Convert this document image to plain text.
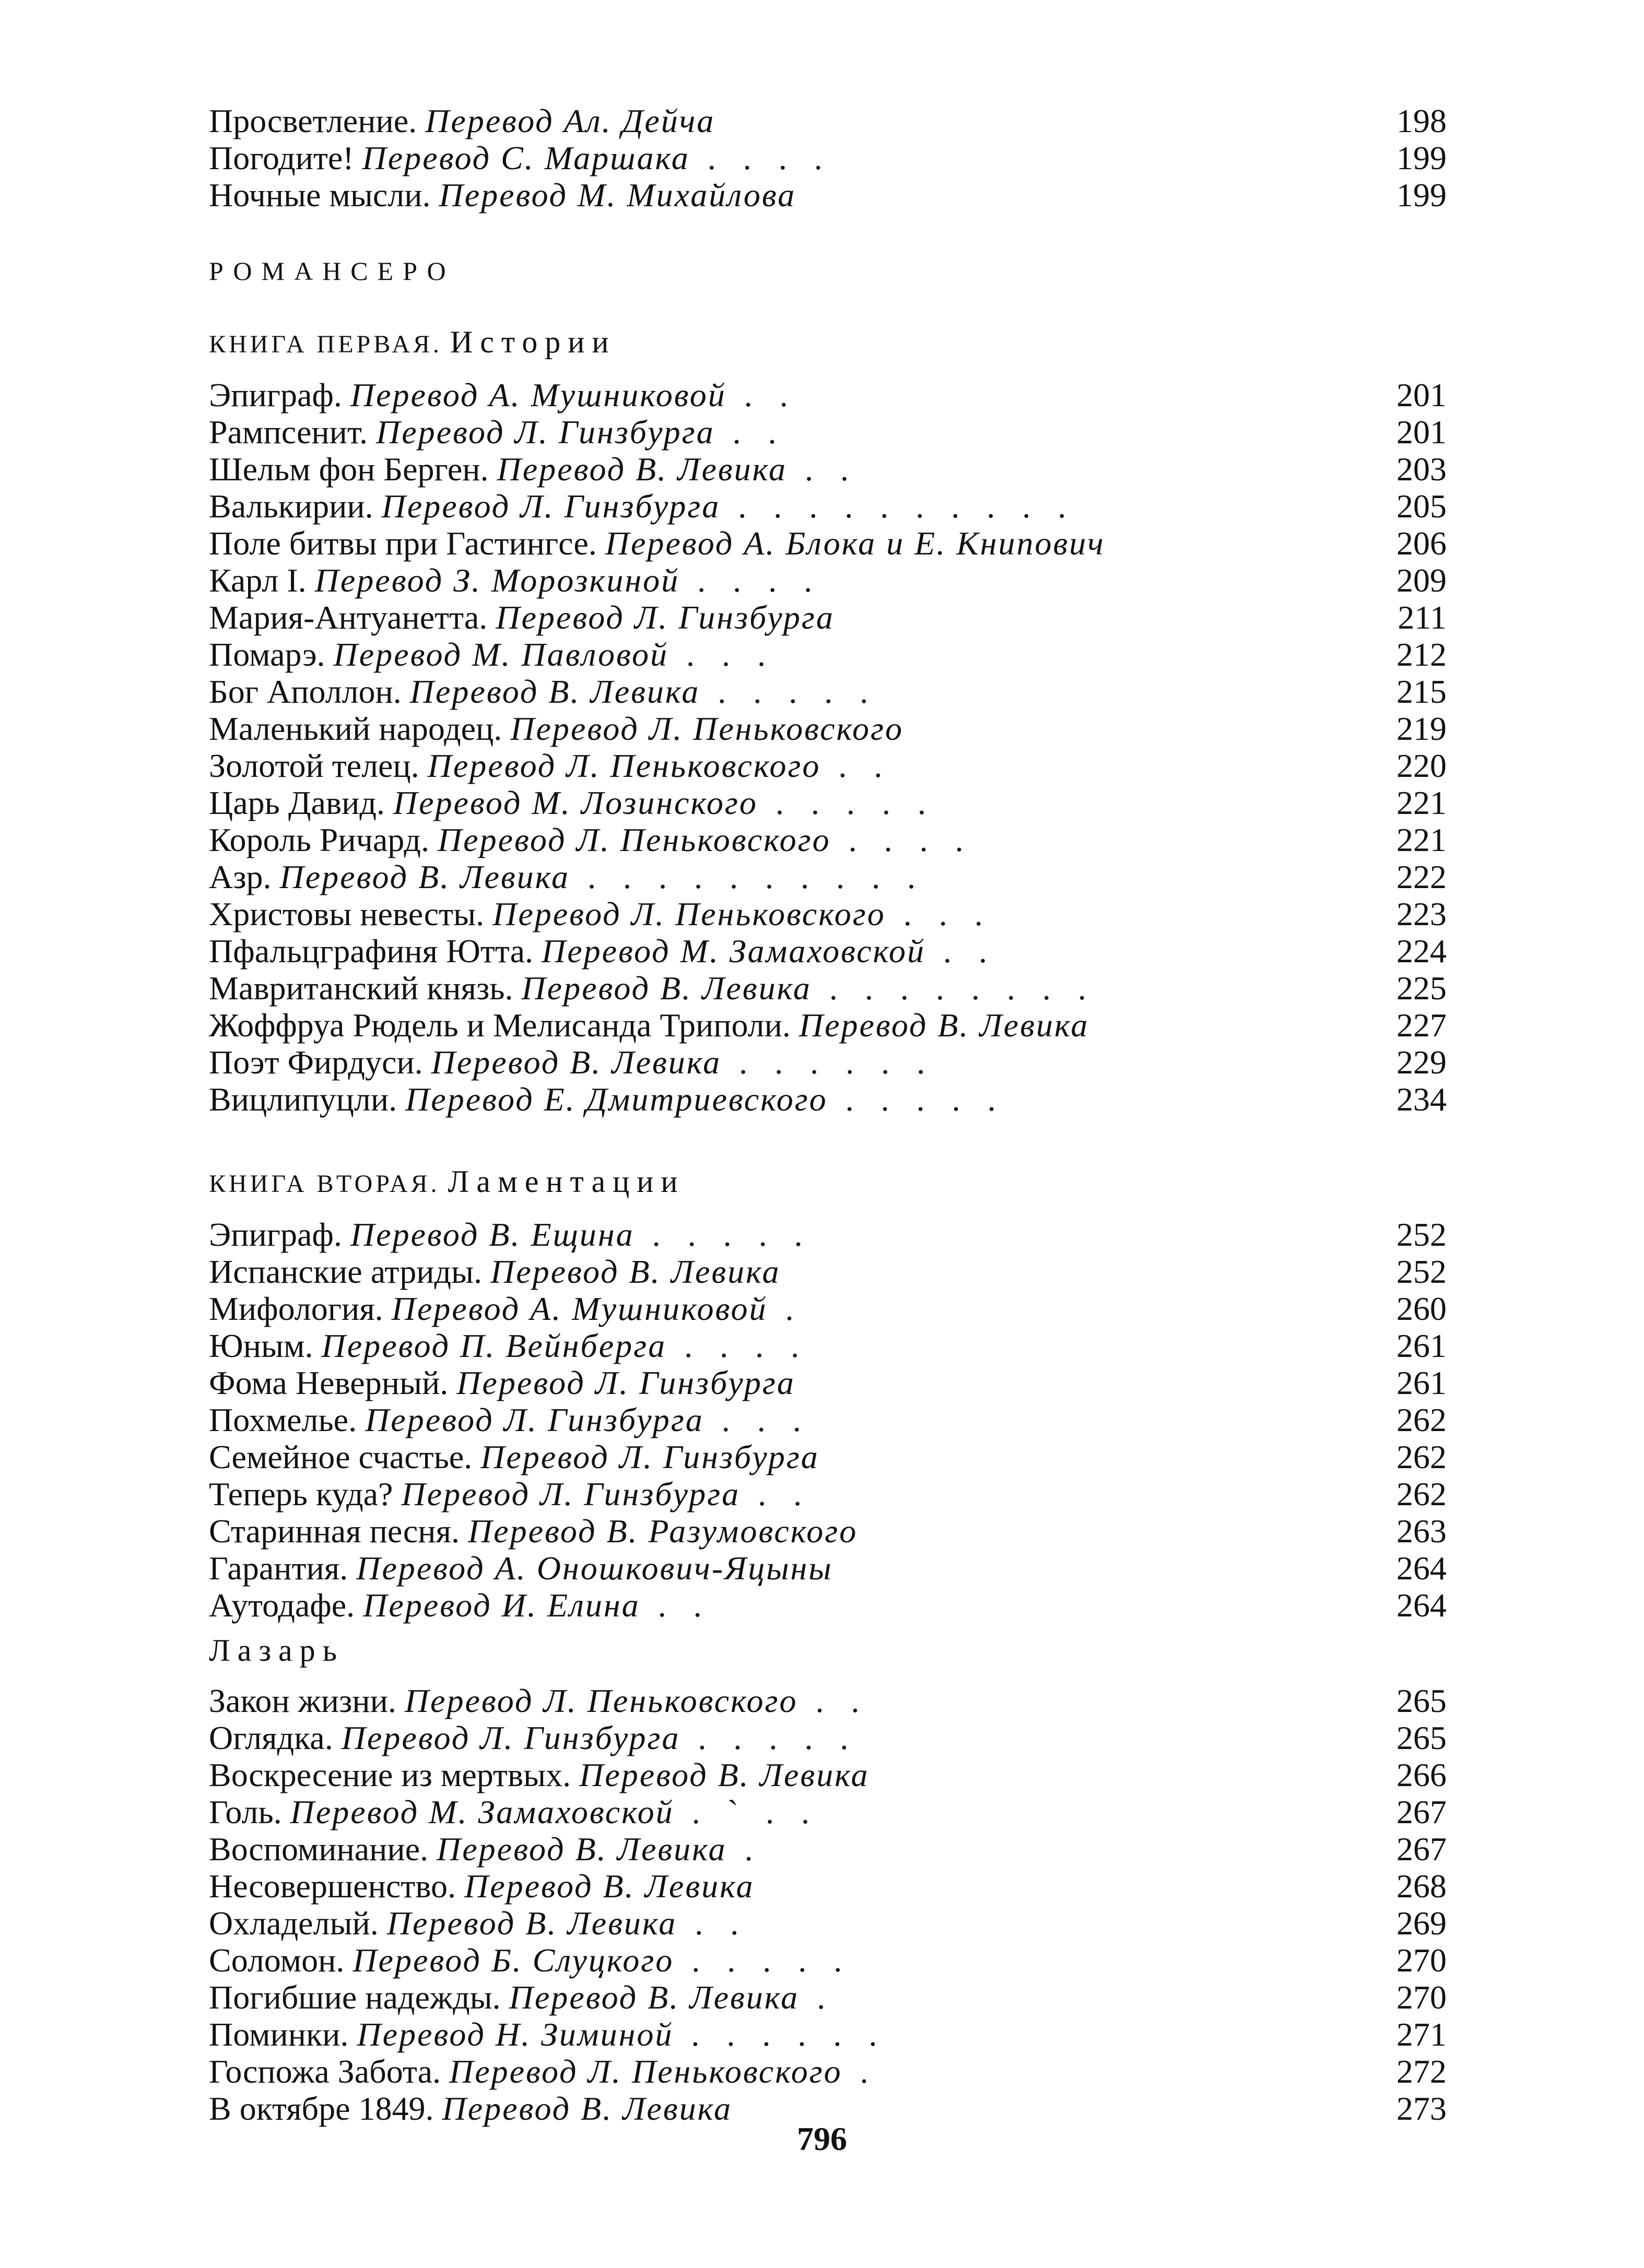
Просветление. Перевод Ал. Дейча	198
Погодите! Перевод С. Маршака . . . .	199
Ночные мысли. Перевод М. Михайлова	199
РОМАНСЕРО
КНИГА ПЕРВАЯ. Истории
Эпиграф. Перевод А. Мушниковой . .	201
Рампсенит. Перевод Л. Гинзбурга . .	201
Шельм фон Берген. Перевод В. Левика . .	203
Валькирии. Перевод Л. Гинзбурга . . . . . . . . . .	205
Поле битвы при Гастингсе. Перевод А. Блока и Е. Книпович	206
Карл I. Перевод З. Морозкиной . . . .	209
Мария-Антуанетта. Перевод Л. Гинзбурга	211
Помарэ. Перевод М. Павловой . . .	212
Бог Аполлон. Перевод В. Левика . . . . .	215
Маленький народец. Перевод Л. Пеньковского	219
Золотой телец. Перевод Л. Пеньковского . .	220
Царь Давид. Перевод М. Лозинского . . . . .	221
Король Ричард. Перевод Л. Пеньковского . . . .	221
Азр. Перевод В. Левика . . . . . . . . . .	222
Христовы невесты. Перевод Л. Пеньковского . . .	223
Пфальцграфиня Ютта. Перевод М. Замаховской . .	224
Мавританский князь. Перевод В. Левика . . . . . . . .	225
Жоффруа Рюдель и Мелисанда Триполи. Перевод В. Левика	227
Поэт Фирдуси. Перевод В. Левика . . . . . .	229
Вицлипуцли. Перевод Е. Дмитриевского . . . . .	234
КНИГА ВТОРАЯ. Ламентации
Эпиграф. Перевод В. Ещина . . . . .	252
Испанские атриды. Перевод В. Левика	252
Мифология. Перевод А. Мушниковой .	260
Юным. Перевод П. Вейнберга . . . .	261
Фома Неверный. Перевод Л. Гинзбурга	261
Похмелье. Перевод Л. Гинзбурга . . .	262
Семейное счастье. Перевод Л. Гинзбурга	262
Теперь куда? Перевод Л. Гинзбурга . .	262
Старинная песня. Перевод В. Разумовского	263
Гарантия. Перевод А. Оношкович-Яцыны	264
Аутодафе. Перевод И. Елина . .	264
Лазарь
Закон жизни. Перевод Л. Пеньковского . .	265
Оглядка. Перевод Л. Гинзбурга . . . . .	265
Воскресение из мертвых. Перевод В. Левика	266
Голь. Перевод М. Замаховской . ` . .	267
Воспоминание. Перевод В. Левика .	267
Несовершенство. Перевод В. Левика	268
Охладелый. Перевод В. Левика . .	269
Соломон. Перевод Б. Слуцкого . . . . .	270
Погибшие надежды. Перевод В. Левика .	270
Поминки. Перевод Н. Зиминой . . . . . .	271
Госпожа Забота. Перевод Л. Пеньковского .	272
В октябре 1849. Перевод В. Левика	273
796
